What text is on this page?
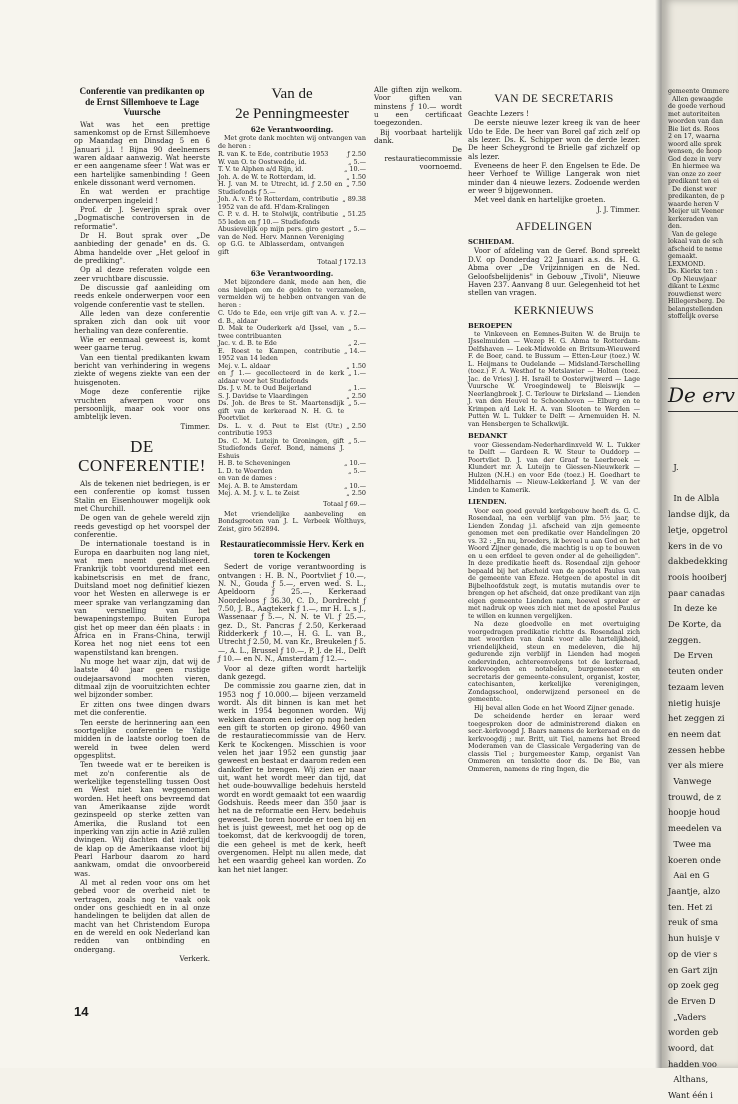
Conferentie van predikanten op de Ernst Sillemhoeve te Lage Vuursche

Wat was het een prettige samenkomst op de Ernst Sillemhoeve op Maandag en Dinsdag 5 en 6 Januari j.l. ! Bijna 90 deelnemers waren aldaar aanwezig. Wat heerste er een aangename sfeer ! Wat was er een hartelijke samenbinding ! Geen enkele dissonant werd vernomen.

En wat werden er prachtige onderwerpen ingeleid !

Prof. dr J. Severijn sprak over „Dogmatische controversen in de reformatie".

Dr H. Bout sprak over „De aanbieding der genade" en ds. G. Abma handelde over „Het geloof in de prediking".

Op al deze referaten volgde een zeer vruchtbare discussie.

De discussie gaf aanleiding om reeds enkele onderwerpen voor een volgende conferentie vast te stellen.

Alle leden van deze conferentie spraken zich dan ook uit voor herhaling van deze conferentie.

Wie er eenmaal geweest is, komt weer gaarne terug.

Van een tiental predikanten kwam bericht van verhindering in wegens ziekte of wegens ziekte van een der huisgenoten.

Moge deze conferentie rijke vruchten afwerpen voor ons persoonlijk, maar ook voor ons ambtelijk leven.

Timmer.

DE CONFERENTIE!

Als de tekenen niet bedriegen, is er een conferentie op komst tussen Stalin en Eisenhouwer mogelijk ook met Churchill.

De ogen van de gehele wereld zijn reeds gevestigd op het voorspel der conferentie.

De internationale toestand is in Europa en daarbuiten nog lang niet, wat men noemt gestabiliseerd. Frankrijk tobt voortdurend met een kabinetscrisis en met de franc, Duitsland moet nog definitief kiezen voor het Westen en allerwege is er meer sprake van verlangzaming dan van versnelling van het bewapeningstempo. Buiten Europa gist het op meer dan één plaats : in Africa en in Frans-China, terwijl Korea het nog niet eens tot een wapenstilstand kan brengen.

Nu moge het waar zijn, dat wij de laatste 40 jaar geen rustige oudejaarsavond mochten vieren, ditmaal zijn de vooruitzichten echter wel bijzonder somber.

Er zitten ons twee dingen dwars met die conferentie.

Ten eerste de herinnering aan een soortgelijke conferentie te Yalta midden in de laatste oorlog toen de wereld in twee delen werd opgesplitst.

Ten tweede wat er te bereiken is met zo'n conferentie als de werkelijke tegenstelling tussen Oost en West niet kan weggenomen worden. Het heeft ons bevreemd dat van Amerikaanse zijde wordt gezinspeeld op sterke zetten van Amerika, die Rusland tot een inperking van zijn actie in Azië zullen dwingen. Wij dachten dat indertijd de klap op de Amerikaanse vloot bij Pearl Harbour daarom zo hard aankwam, omdat die onvoorbereid was.

Al met al reden voor ons om het gebed voor de overheid niet te vertragen, zoals nog te vaak ook onder ons geschiedt en in al onze handelingen te belijden dat allen de macht van het Christendom Europa en de wereld en ook Nederland kan redden van ontbinding en ondergang.

Verkerk.

Van de
2e Penningmeester
62e Verantwoording.

Met grote dank mochten wij ontvangen van de heren :

R. van K. te Ede, contributie 1953	ƒ 2.50
W. van O. te Oostwedde, id.	„ 5.—
T. V. te Alphen a/d Rijn, id.	„ 10.—
Joh. A. de W. te Rotterdam, id.	„ 1.50
H. J. van M. te Utrecht, id. ƒ 2.50 en Studiefonds ƒ 5.—
„ 7.50
Joh. A. v. P. te Rotterdam, contributie 1952 van de afd. H'dam-Kralingen
„ 89.38
C. P. v. d. H. te Stolwijk, contributie 55 leden en ƒ 10.— Studiefonds
„ 51.25
Abusievelijk op mijn pers. giro gestort van de Ned. Herv. Mannen Vereniging op G.G. te Alblasserdam, ontvangen gift
„ 5.—
Totaal ƒ 172.13
63e Verantwoording.

Met bijzondere dank, mede aan hen, die ons hielpen om de gelden te verzamelen, vermelden wij te hebben ontvangen van de heren :

C. Udo te Ede, een vrije gift van A. v. d. B., aldaar
ƒ 2.—
D. Mak te Ouderkerk a/d IJssel, van twee contribuanten
„ 5.—
Jac. v. d. B. te Ede	„ 2.—
E. Roest te Kampen, contributie 1952 van 14 leden
„ 14.—
Mej. v. L. aldaar	„ 1.50
en ƒ 1.— gecollecteerd in de kerk aldaar voor het Studiefonds
„ 1.—
Ds. J. v. M. te Oud Beijerland	„ 1.—
S. J. Davidse te Vlaardingen	„ 2.50
Ds. Joh. de Bres te St. Maartensdijk gift van de kerkeraad N. H. G. te Poortvliet
„ 5.—
Ds. L. v. d. Peut te Elst (Utr.) contributie 1953
„ 2.50
Ds. C. M. Luteijn te Groningen, gift Studiefonds Geref. Bond, namens J. Eshuis
„ 5.—
H. B. te Scheveningen	„ 10.—
L. D. te Woerden	„ 5.—
en van de dames :
Mej. A. B. te Amsterdam	„ 10.—
Mej. A. M. J. v. L. te Zeist	„ 2.50
Totaal ƒ 69.—

Met vriendelijke aanbeveling en Bondsgroeten van J. L. Verbeek Wolthuys, Zeist, giro 562894.

Restauratiecommissie Herv. Kerk en toren te Kockengen

Sedert de vorige verantwoording is ontvangen : H. B. N., Poortvliet ƒ 10.—, N. N., Gouda ƒ 5.—, erven wed. S. L., Apeldoorn ƒ 25.—, Kerkeraad Noordeloos ƒ 36.30, C. D., Dordrecht ƒ 7.50, J. B., Aagtekerk ƒ 1.—, mr H. L. s J., Wassenaar ƒ 5.—, N. N. te Vl. ƒ 25.—, gez. D., St. Pancras ƒ 2.50, Kerkeraad Ridderkerk ƒ 10.—, H. G. L. van B., Utrecht ƒ 2.50, M. van Kr., Breukelen ƒ 5.—, A. L., Brussel ƒ 10.—, P. J. de H., Delft ƒ 10.— en N. N., Amsterdam ƒ 12.—.

Voor al deze giften wordt hartelijk dank gezegd.

De commissie zou gaarne zien, dat in 1953 nog ƒ 10.000.— bijeen verzameld wordt. Als dit binnen is kan met het werk in 1954 begonnen worden. Wij wekken daarom een ieder op nog heden een gift te storten op girono. 4960 van de restauratiecommissie van de Herv. Kerk te Kockengen. Misschien is voor velen het jaar 1952 een gunstig jaar geweest en bestaat er daarom reden een dankoffer te brengen. Wij zien er naar uit, want het wordt meer dan tijd, dat het oude-bouwvallige bedehuis hersteld wordt en wordt gemaakt tot een waardig Godshuis. Reeds meer dan 350 jaar is het na de reformatie een Herv. bedehuis geweest. De toren hoorde er toen bij en het is juist geweest, met het oog op de toekomst, dat de kerkvoogdij de toren, die een geheel is met de kerk, heeft overgenomen. Helpt nu allen mede, dat het een waardig geheel kan worden. Zo kan het niet langer.

Alle giften zijn welkom. Voor giften van minstens ƒ 10.— wordt u een certificaat toegezonden.

Bij voorbaat hartelijk dank.

De restauratiecommissie voornoemd.

VAN DE SECRETARIS

Geachte Lezers !

De eerste nieuwe lezer kreeg ik van de heer Udo te Ede. De heer van Borel gaf zich zelf op als lezer. Ds. K. Schipper won de derde lezer. De heer Scheygrond te Brielle gaf zichzelf op als lezer.

Eveneens de heer F. den Engelsen te Ede. De heer Verhoef te Willige Langerak won niet minder dan 4 nieuwe lezers. Zodoende werden er weer 9 bijgewonnen.

Met veel dank en hartelijke groeten.

J. J. Timmer.

AFDELINGEN
SCHIEDAM.

Voor of afdeling van de Geref. Bond spreekt D.V. op Donderdag 22 Januari a.s. ds. H. G. Abma over „De Vrijzinnigen en de Ned. Geloofsbelijdenis" in Gebouw „Tivoli", Nieuwe Haven 237. Aanvang 8 uur. Gelegenheid tot het stellen van vragen.

KERKNIEUWS
BEROEPEN

te Vinkeveen en Eemnes-Buiten W. de Bruijn te IJsselmuiden — Wezep H. G. Abma te Rotterdam-Delfshaven — Leek-Midwolde en Britsum-Wieuwerd F. de Boer, cand. te Bussum — Etten-Leur (toez.) W. L. Heijmans te Oudelande — Midsland-Terschelling (toez.) F. A. Westhof te Metslawier — Holten (toez. Jac. de Vries) J. H. Israël te Oosterwijtwerd — Lage Vuursche W. Vroegindewelj te Bleiswijk — Neerlangbroek J. C. Terlouw te Dirksland — Lienden J. van den Heuvel te Schoonhoven — Elburg en te Krimpen a/d Lek H. A. van Slooten te Werden — Putten W. L. Tukker te Delft — Arnemuiden H. N. van Hensbergen te Schalkwijk.

BEDANKT

voor Giessendam-Nederhardinxveld W. L. Tukker te Delft — Gardeen R. W. Steur te Ouddorp — Poortvliet D. J. van der Graaf te Leerbroek — Klundert mr. A. Luteijn te Giessen-Nieuwkerk — Hulzen (N.H.) en voor Ede (toez.) H. Goedhart te Middelharnis — Nieuw-Lekkerland J. W. van der Linden te Kamerik.

LIENDEN.

Voor een goed gevuld kerkgebouw heeft ds. G. C. Rosendaal, na een verblijf van plm. 5½ jaar, te Lienden Zondag j.l. afscheid van zijn gemeente genomen met een predikatie over Handelingen 20 vs. 32 : „En nu, broeders, ik beveel u aan God en het Woord Zijner genade, die machtig is u op te bouwen en u een erfdeel te geven onder al de geheiligden". In deze predikatie heeft ds. Rosendaal zijn gehoor bepaald bij het afscheid van de apostel Paulus van de gemeente van Efeze. Hetgeen de apostel in dit Bijbelhoofdstuk zegt, is mutatis mutandis over te brengen op het afscheid, dat onze predikant van zijn eigen gemeente Lienden nam, hoewel spreker er met nadruk op wees zich niet met de apostel Paulus te willen en kunnen vergelijken.

Na deze gloedvolle en met overtuiging voorgedragen predikatie richtte ds. Rosendaal zich met woorden van dank voor alle hartelijkheid, vriendelijkheid, steun en medeleven, die hij gedurende zijn verblijf in Lienden had mogen ondervinden, achtereenvolgens tot de kerkeraad, kerkvoogden en notabelen, burgemeester en secretaris der gemeente-consulent, organist, koster, catechisanten, kerkelijke verenigingen, Zondagsschool, onderwijzend personeel en de gemeente.

Hij beval allen Gode en het Woord Zijner genade.

De scheidende herder en leraar werd toegesproken door de administrerend diaken en secr.-kerkvoogd J. Baars namens de kerkeraad en de kerkvoogdij ; mr. Britt, uit Tiel, namens het Breed Moderamen van de Classicale Vergadering van de classis Tiel ; burgemeester Kamp, organist Van Ommeren en tenslotte door ds. De Bie, van Ommeren, namens de ring Ingen, die

gemeente Ommere
Allen gewaagde
de goede verhoud
met autoriteiten
woorden van dan
Bie liet ds. Roos
2 en 17, waarna
woord alle sprek
wensen, de hoop
God deze in verv
En hiermee wa
van onze zo zeer
predikant ten ei
De dienst wer
predikanten, de p
waarde heren V
Meijer uit Veener
kerkeraden van
den.
Van de gelege
lokaal van de sch
afscheid te neme
gemaakt.
LEXMOND.
Ds. Kierkx ten :
Op Nieuwjaar
dikant te Lexmc
rouwdienst werc
Hillegersberg. De
belangstellenden
stoffelijk overse
De erv
J.

In de Albla
landse dijk, da
letje, opgetrol
kers in de vo
dakbedekking
roois hooiberj
paar canadas
In deze ke
De Korte, da
zeggen.
De Erven
teuten onder
tezaam leven
nietig huisje
het zeggen zi
en neem dat
zessen hebbe
ver als miere
Vanwege
trouwd, de z
hoopje houd
meedelen va
Twee ma
koeren onde
Aai en G
Jaantje, alzo
ten. Het zi
reuk of sma
hun huisje v
op de vier s
en Gart zijn
op zoek geg
de Erven D
„Vaders
worden geb
woord, dat
hadden voo
Althans,
Want één i
14
